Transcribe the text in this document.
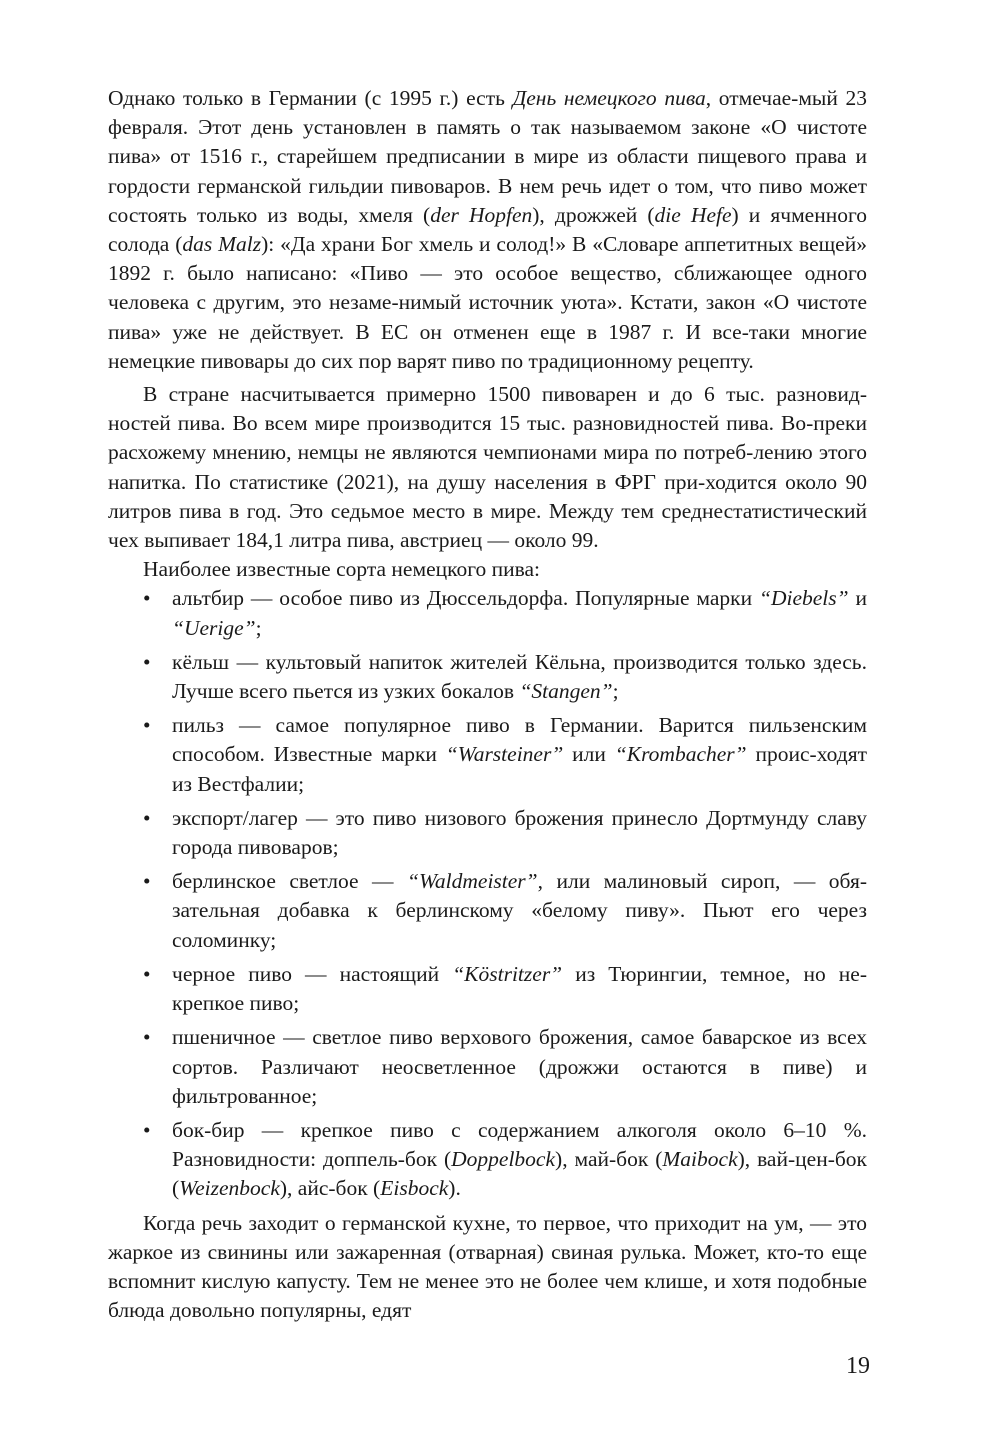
Однако только в Германии (с 1995 г.) есть День немецкого пива, отмечае-мый 23 февраля. Этот день установлен в память о так называемом законе «О чистоте пива» от 1516 г., старейшем предписании в мире из области пищевого права и гордости германской гильдии пивоваров. В нем речь идет о том, что пиво может состоять только из воды, хмеля (der Hopfen), дрожжей (die Hefe) и ячменного солода (das Malz): «Да храни Бог хмель и солод!» В «Словаре аппетитных вещей» 1892 г. было написано: «Пиво — это особое вещество, сближающее одного человека с другим, это незаме-нимый источник уюта». Кстати, закон «О чистоте пива» уже не действует. В ЕС он отменен еще в 1987 г. И все-таки многие немецкие пивовары до сих пор варят пиво по традиционному рецепту.

В стране насчитывается примерно 1500 пивоварен и до 6 тыс. разновид-ностей пива. Во всем мире производится 15 тыс. разновидностей пива. Во-преки расхожему мнению, немцы не являются чемпионами мира по потреб-лению этого напитка. По статистике (2021), на душу населения в ФРГ при-ходится около 90 литров пива в год. Это седьмое место в мире. Между тем среднестатистический чех выпивает 184,1 литра пива, австриец — около 99.

Наиболее известные сорта немецкого пива:

• альтбир — особое пиво из Дюссельдорфа. Популярные марки “Diebels” и “Uerige”;
• кёльш — культовый напиток жителей Кёльна, производится только здесь. Лучше всего пьется из узких бокалов “Stangen”;
• пильз — самое популярное пиво в Германии. Варится пильзенским способом. Известные марки “Warsteiner” или “Krombacher” проис-ходят из Вестфалии;
• экспорт/лагер — это пиво низового брожения принесло Дортмунду славу города пивоваров;
• берлинское светлое — “Waldmeister”, или малиновый сироп, — обя-зательная добавка к берлинскому «белому пиву». Пьют его через соломинку;
• черное пиво — настоящий “Köstritzer” из Тюрингии, темное, но не-крепкое пиво;
• пшеничное — светлое пиво верхового брожения, самое баварское из всех сортов. Различают неосветленное (дрожжи остаются в пиве) и фильтрованное;
• бок-бир — крепкое пиво с содержанием алкоголя около 6–10 %. Разновидности: доппель-бок (Doppelbock), май-бок (Maibock), вай-цен-бок (Weizenbock), айс-бок (Eisbock).

Когда речь заходит о германской кухне, то первое, что приходит на ум, — это жаркое из свинины или зажаренная (отварная) свиная рулька. Может, кто-то еще вспомнит кислую капусту. Тем не менее это не более чем клише, и хотя подобные блюда довольно популярны, едят

19
